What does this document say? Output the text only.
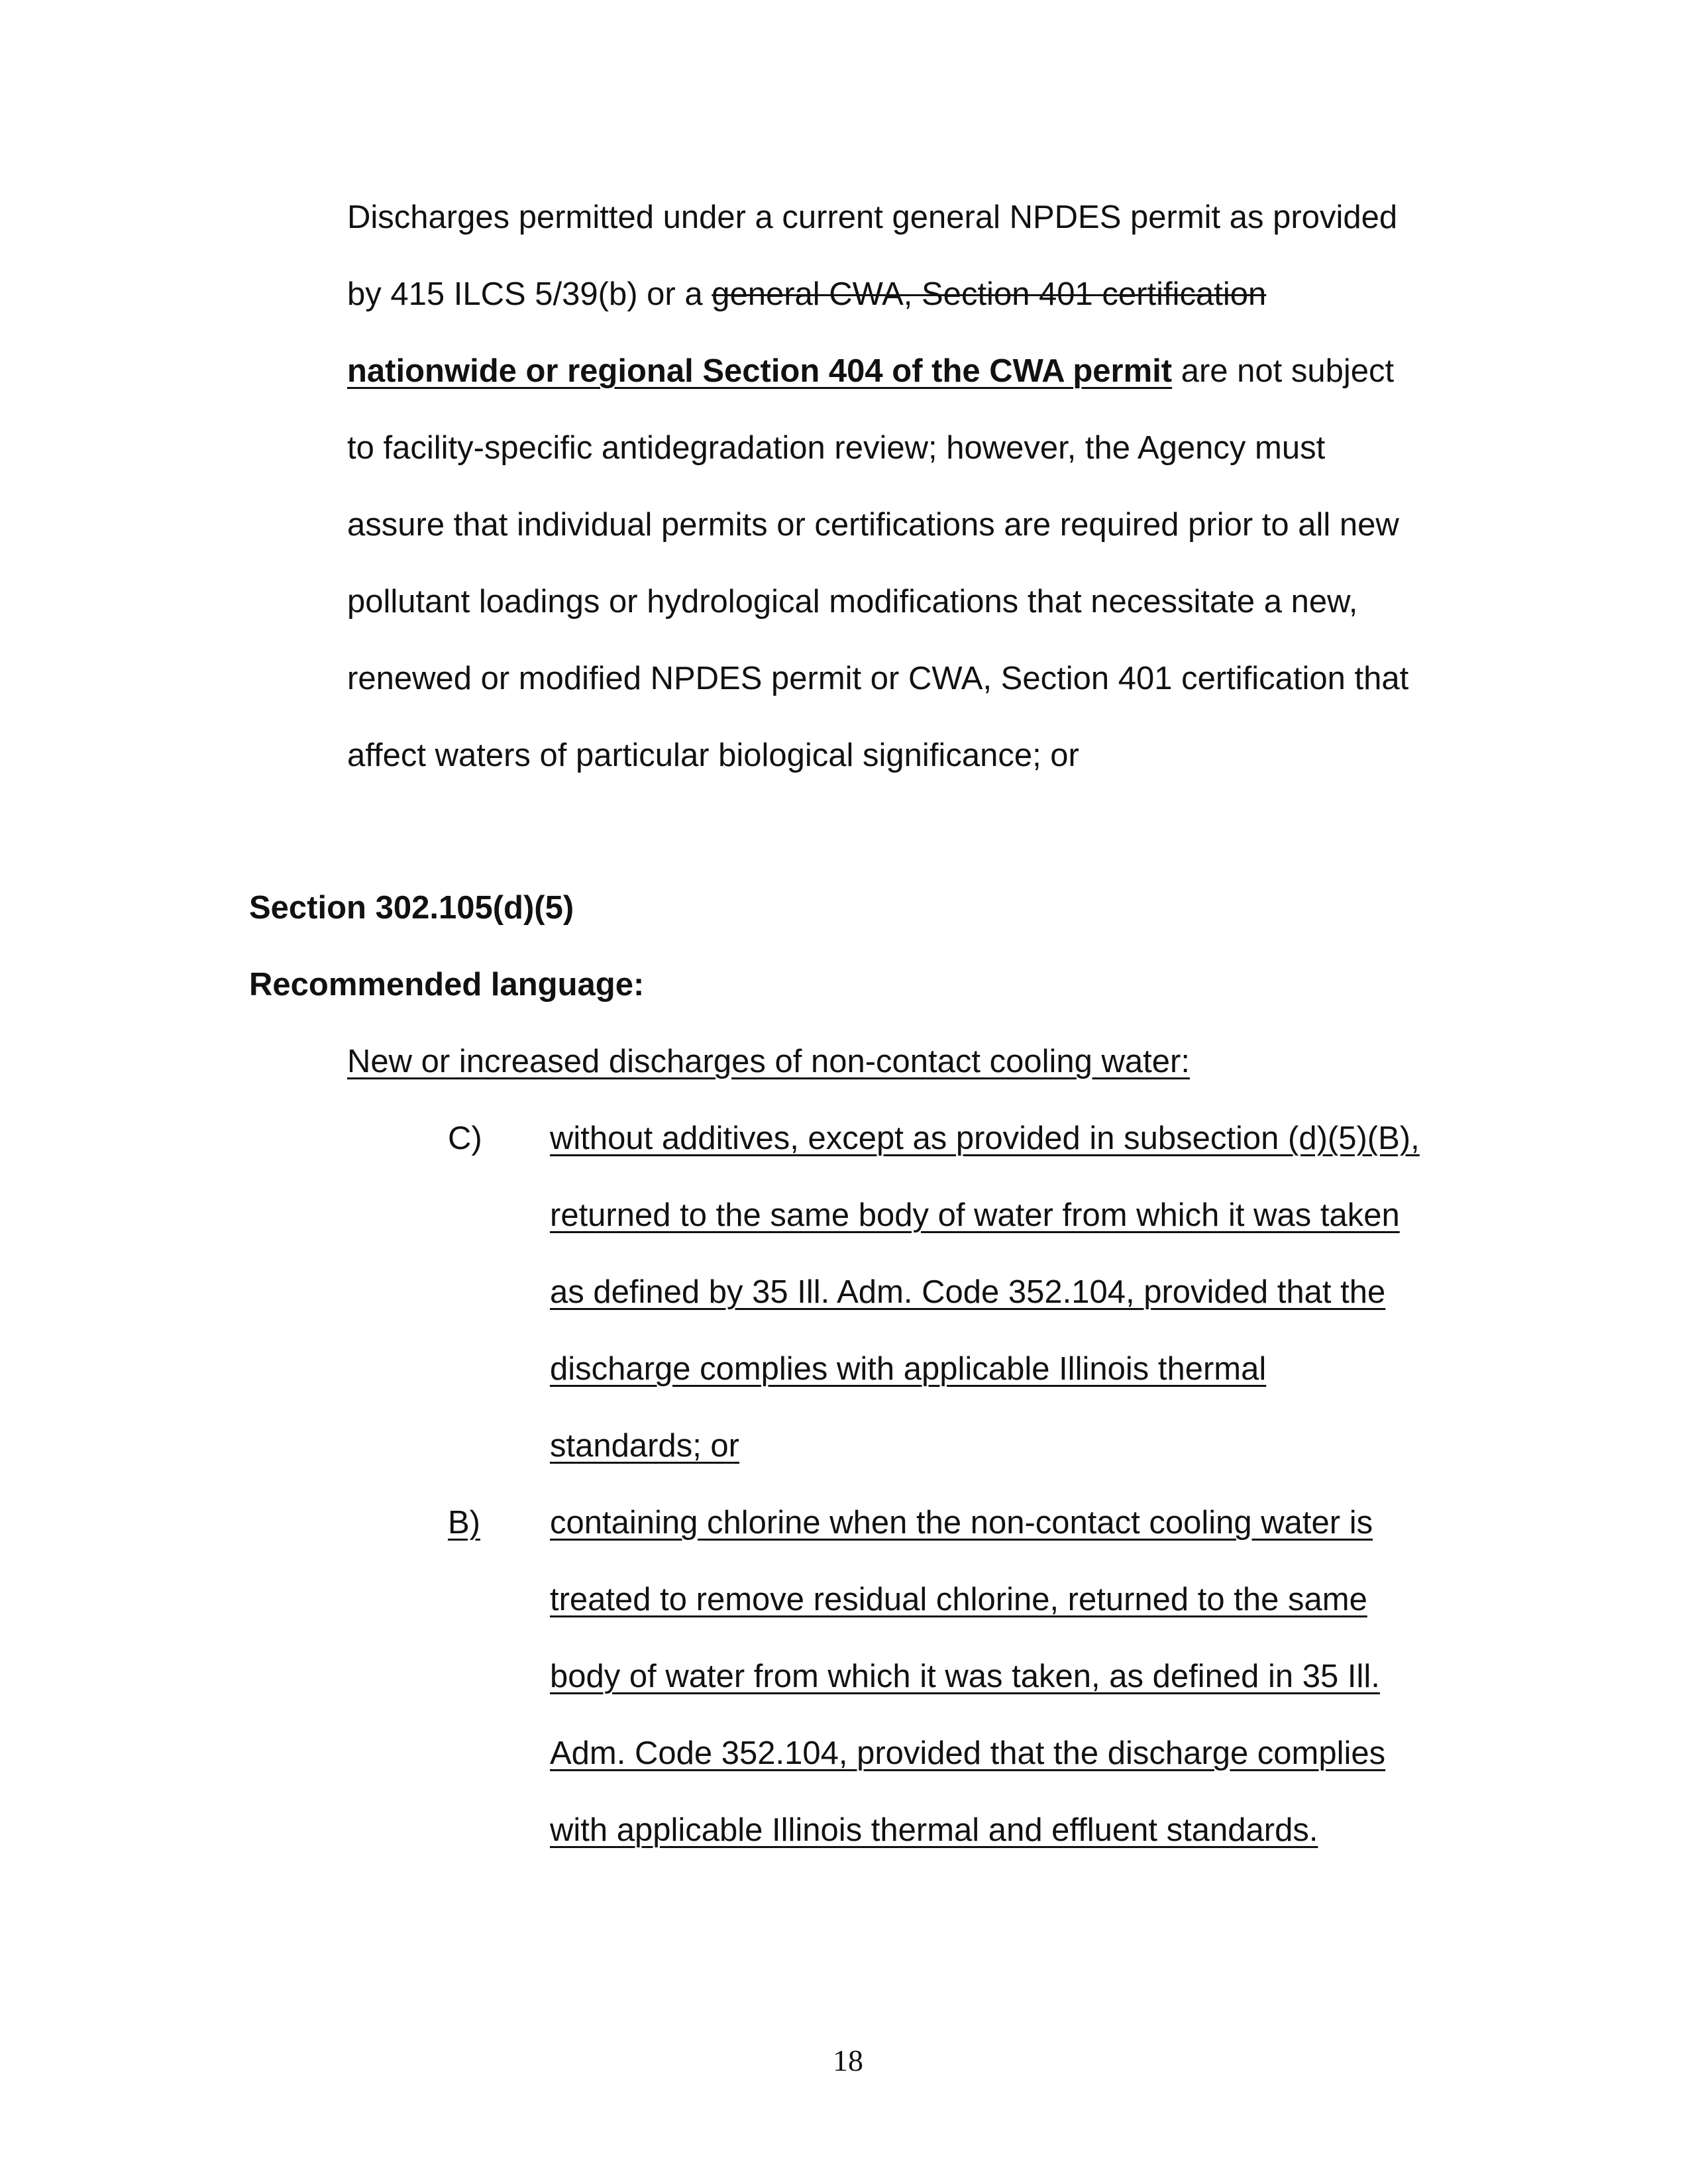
Discharges permitted under a current general NPDES permit as provided
by 415 ILCS 5/39(b) or a general CWA, Section 401 certification
nationwide or regional Section 404 of the CWA permit are not subject
to facility-specific antidegradation review; however, the Agency must
assure that individual permits or certifications are required prior to all new
pollutant loadings or hydrological modifications that necessitate a new,
renewed or modified NPDES permit or CWA, Section 401 certification that
affect waters of particular biological significance; or
Section 302.105(d)(5)
Recommended language:
New or increased discharges of non-contact cooling water:
C) without additives, except as provided in subsection (d)(5)(B),
returned to the same body of water from which it was taken
as defined by 35 Ill. Adm. Code 352.104, provided that the
discharge complies with applicable Illinois thermal
standards; or
B) containing chlorine when the non-contact cooling water is
treated to remove residual chlorine, returned to the same
body of water from which it was taken, as defined in 35 Ill.
Adm. Code 352.104, provided that the discharge complies
with applicable Illinois thermal and effluent standards.
18
